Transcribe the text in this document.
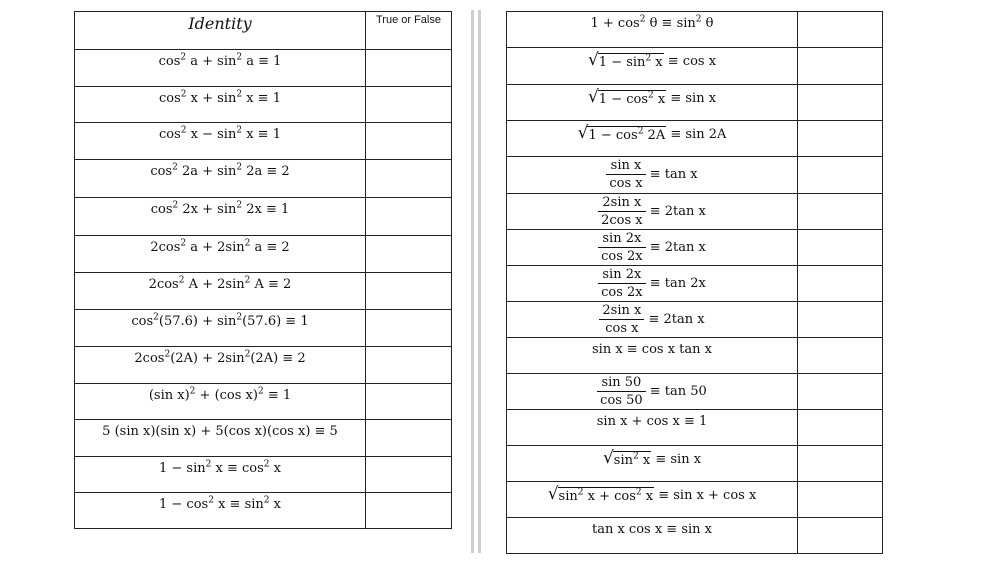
Identity	True or False
$\cos^2 a + \sin^2 a \equiv 1$	
$\cos^2 x + \sin^2 x \equiv 1$	
$\cos^2 x - \sin^2 x \equiv 1$	
$\cos^2 2a + \sin^2 2a \equiv 2$	
$\cos^2 2x + \sin^2 2x \equiv 1$	
$2\cos^2$ $a + 2\sin^2$ a ≡ 2	
$2\cos^2$ $A + 2\sin^2$ A ≡ 2	
$\cos^2(57.6) + \sin^2(57.6) \equiv 1$	
$2\cos^2(2A) + 2\sin^2(2A) \equiv 2$	
(sin x)$^2$ + (cos x)$^2$ ≡ 1	
5 (sin x)(sin x) + 5(cos x)(cos x) ≡ 5	
$1 - \sin^2 x \equiv \cos^2 x$	
$1 - \cos^2 x \equiv \sin^2 x$	
$1 + \cos^2 \theta \equiv \sin^2 \theta$	

√ $1 - \sin^2 x \equiv \cos x$	

√ $1 - \cos^2 x \equiv \sin x$	

√ $1 - \cos^2 2A \equiv \sin 2A$	

$\frac{\text{sin x}}{\text{cos x}} \equiv \tan x$	

$\frac{\text{2sin x}}{\text{2cos x}} \equiv 2\tan$ x	

$\frac{\sin 2x}{\cos 2x} \equiv 2\tan$ x	

$\frac{\sin 2x}{\cos 2x} \equiv \tan 2x$	

$\frac{\text{2sin x}}{\text{cos x}} \equiv 2\tan$ x	
sin x ≡ cos x tan x	

$\frac{\sin 50}{\cos 50} \equiv \tan 50$	
sin x + cos x ≡ 1	

√ $\sin^2 x \equiv \sin x$	

√ $\sin^2 x + \cos^2 x \equiv \sin x + \cos x$	
tan x cos x ≡ sin x	
